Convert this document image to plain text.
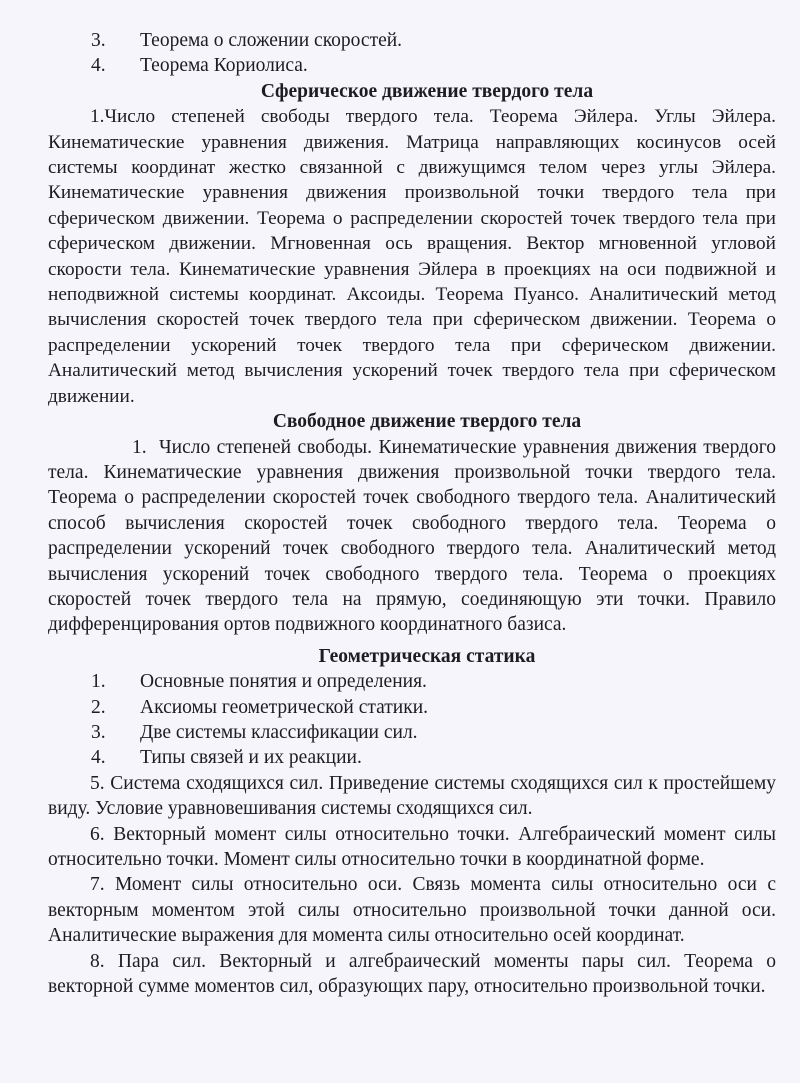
3. Теорема о сложении скоростей.
4. Теорема Кориолиса.
Сферическое движение твердого тела
1.Число степеней свободы твердого тела. Теорема Эйлера. Углы Эйлера. Кинематические уравнения движения. Матрица направляющих косинусов осей системы координат жестко связанной с движущимся телом через углы Эйлера. Кинематические уравнения движения произвольной точки твердого тела при сферическом движении. Теорема о распределении скоростей точек твердого тела при сферическом движении. Мгновенная ось вращения. Вектор мгновенной угловой скорости тела. Кинематические уравнения Эйлера в проекциях на оси подвижной и неподвижной системы координат. Аксоиды. Теорема Пуансо. Аналитический метод вычисления скоростей точек твердoго тела при сферическом движении. Теорема о распределении ускорений точек твердого тела при сферическом движении. Аналитический метод вычисления ускорений точек твердого тела при сферическом движении.
Свободное движение твердого тела
1. Число степеней свободы. Кинематические уравнения движения твердого тела. Кинематические уравнения движения произвольной точки твердого тела. Теорема о распределении скоростей точек свободного твердого тела. Аналитический способ вычисления скоростей точек свободного твердого тела. Теорема о распределении ускорений точек свободного твердого тела. Аналитический метод вычисления ускорений точек свободного твердого тела. Теорема о проекциях скоростей точек твердого тела на прямую, соединяющую эти точки. Правило дифференцирования ортов подвижного координатного базиса.
Геометрическая статика
1. Основные понятия и определения.
2. Аксиомы геометрической статики.
3. Две системы классификации сил.
4. Типы связей и их реакции.
5. Система сходящихся сил. Приведение системы сходящихся сил к простейшему виду. Условие уравновешивания системы сходящихся сил.
6. Векторный момент силы относительно точки. Алгебраический момент силы относительно точки. Момент силы относительно точки в координатной форме.
7. Момент силы относительно оси. Связь момента силы относительно оси с векторным моментом этой силы относительно произвольной точки данной оси. Аналитические выражения для момента силы относительно осей координат.
8. Пара сил. Векторный и алгебраический моменты пары сил. Теорема о векторной сумме моментов сил, образующих пару, относительно произвольной точки.
